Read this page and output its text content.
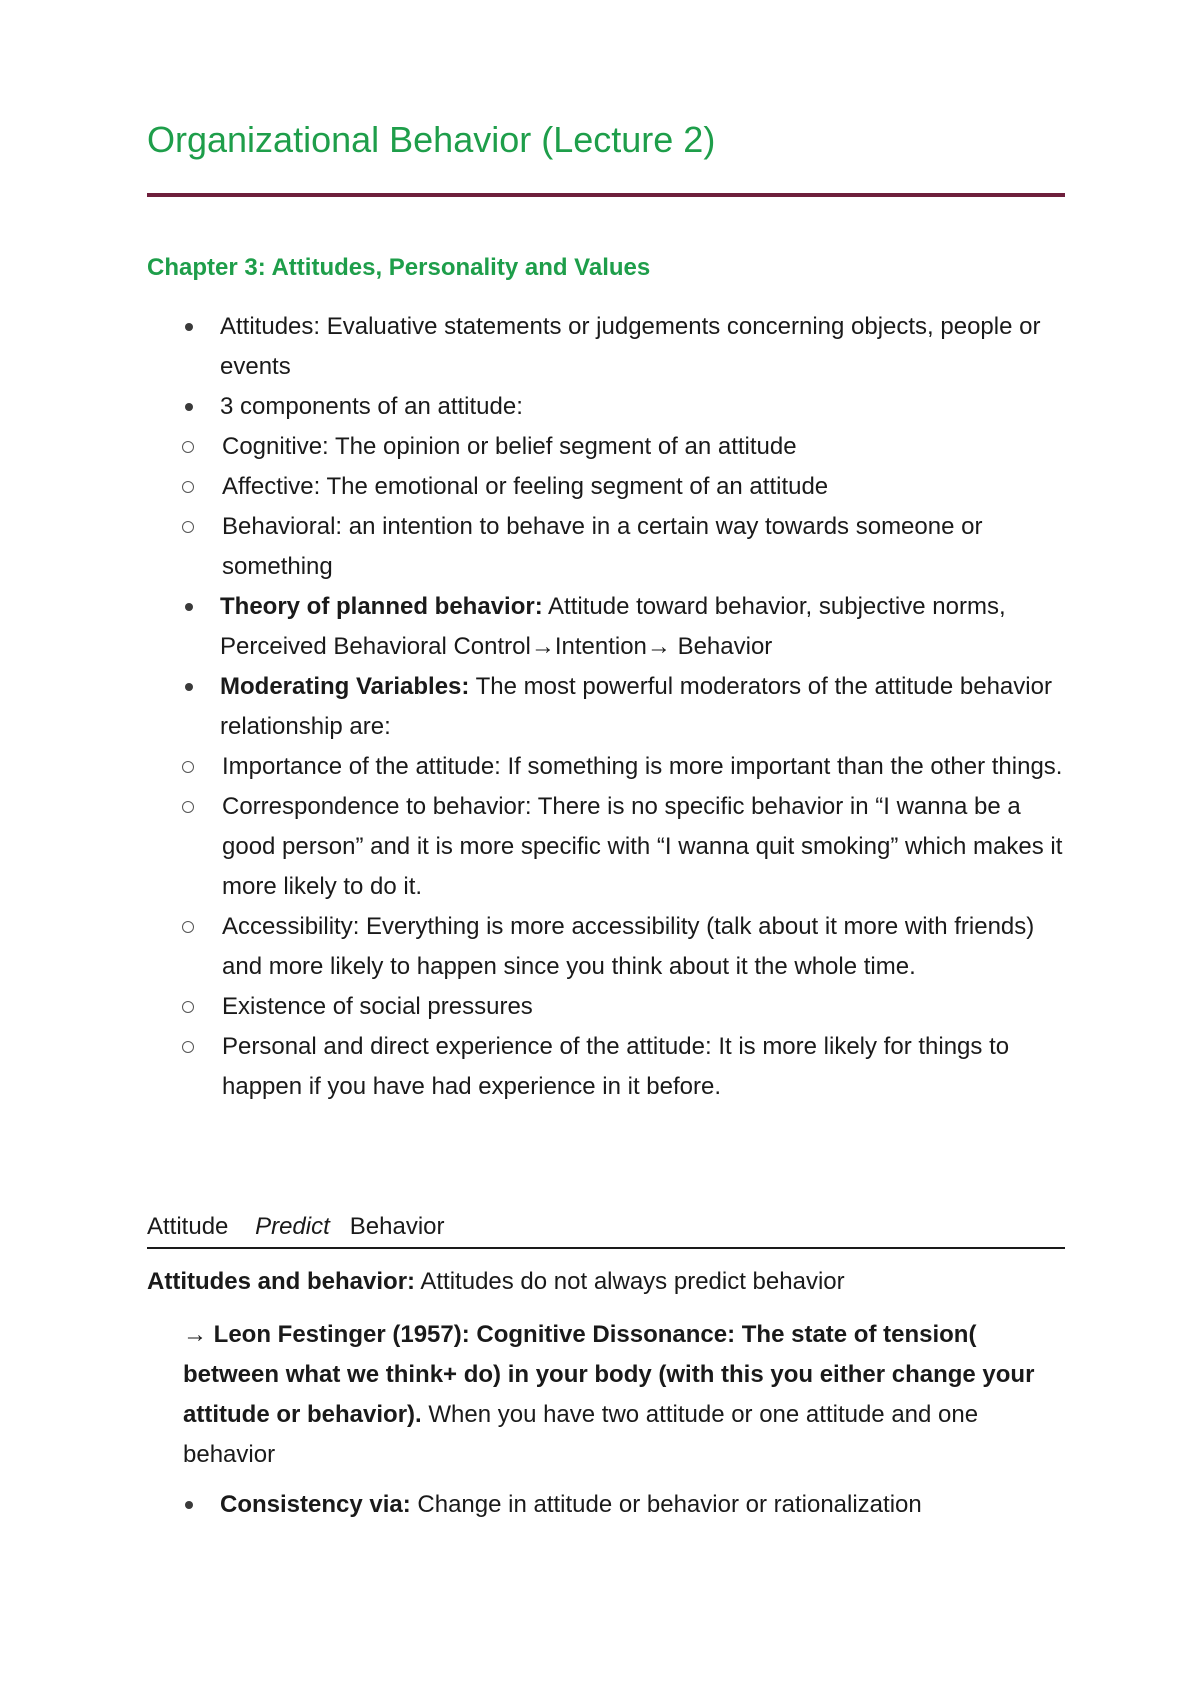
Organizational Behavior (Lecture 2)
Chapter 3: Attitudes, Personality and Values
Attitudes: Evaluative statements or judgements concerning objects, people or events
3 components of an attitude:
Cognitive: The opinion or belief segment of an attitude
Affective: The emotional or feeling segment of an attitude
Behavioral: an intention to behave in a certain way towards someone or something
Theory of planned behavior: Attitude toward behavior, subjective norms, Perceived Behavioral Control→Intention→ Behavior
Moderating Variables: The most powerful moderators of the attitude behavior relationship are:
Importance of the attitude: If something is more important than the other things.
Correspondence to behavior: There is no specific behavior in “I wanna be a good person” and it is more specific with “I wanna quit smoking” which makes it more likely to do it.
Accessibility: Everything is more accessibility (talk about it more with friends) and more likely to happen since you think about it the whole time.
Existence of social pressures
Personal and direct experience of the attitude: It is more likely for things to happen if you have had experience in it before.
Attitude Predict Behavior

Attitudes and behavior: Attitudes do not always predict behavior

→ Leon Festinger (1957): Cognitive Dissonance: The state of tension( between what we think+ do) in your body (with this you either change your attitude or behavior). When you have two attitude or one attitude and one behavior

Consistency via: Change in attitude or behavior or rationalization
